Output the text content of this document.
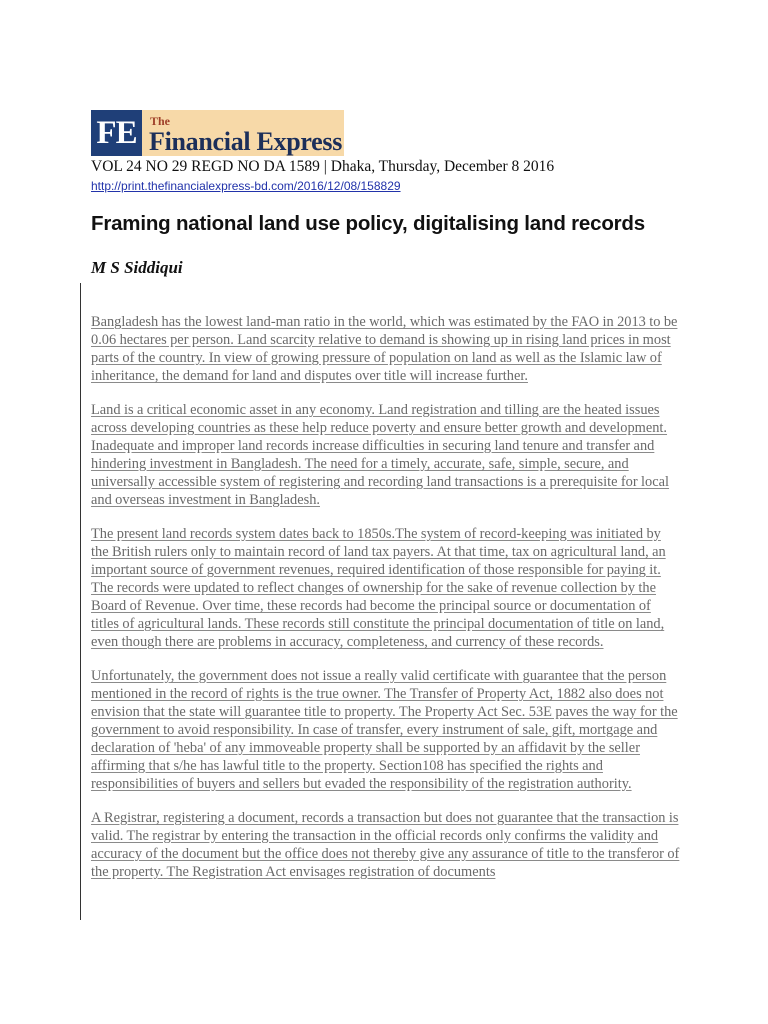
FE	The
Financial Express
VOL 24 NO 29 REGD NO DA 1589 | Dhaka, Thursday, December 8 2016
http://print.thefinancialexpress-bd.com/2016/12/08/158829
Framing national land use policy, digitalising land records
M S Siddiqui

Bangladesh has the lowest land-man ratio in the world, which was estimated by the FAO in 2013 to be 0.06 hectares per person. Land scarcity relative to demand is showing up in rising land prices in most parts of the country. In view of growing pressure of population on land as well as the Islamic law of inheritance, the demand for land and disputes over title will increase further.

Land is a critical economic asset in any economy. Land registration and tilling are the heated issues across developing countries as these help reduce poverty and ensure better growth and development. Inadequate and improper land records increase difficulties in securing land tenure and transfer and hindering investment in Bangladesh. The need for a timely, accurate, safe, simple, secure, and universally accessible system of registering and recording land transactions is a prerequisite for local and overseas investment in Bangladesh.

The present land records system dates back to 1850s.The system of record-keeping was initiated by the British rulers only to maintain record of land tax payers. At that time, tax on agricultural land, an important source of government revenues, required identification of those responsible for paying it. The records were updated to reflect changes of ownership for the sake of revenue collection by the Board of Revenue. Over time, these records had become the principal source or documentation of titles of agricultural lands. These records still constitute the principal documentation of title on land, even though there are problems in accuracy, completeness, and currency of these records.

Unfortunately, the government does not issue a really valid certificate with guarantee that the person mentioned in the record of rights is the true owner. The Transfer of Property Act, 1882 also does not envision that the state will guarantee title to property. The Property Act Sec. 53E paves the way for the government to avoid responsibility. In case of transfer, every instrument of sale, gift, mortgage and declaration of 'heba' of any immoveable property shall be supported by an affidavit by the seller affirming that s/he has lawful title to the property. Section108 has specified the rights and responsibilities of buyers and sellers but evaded the responsibility of the registration authority.

A Registrar, registering a document, records a transaction but does not guarantee that the transaction is valid. The registrar by entering the transaction in the official records only confirms the validity and accuracy of the document but the office does not thereby give any assurance of title to the transferor of the property. The Registration Act envisages registration of documents
